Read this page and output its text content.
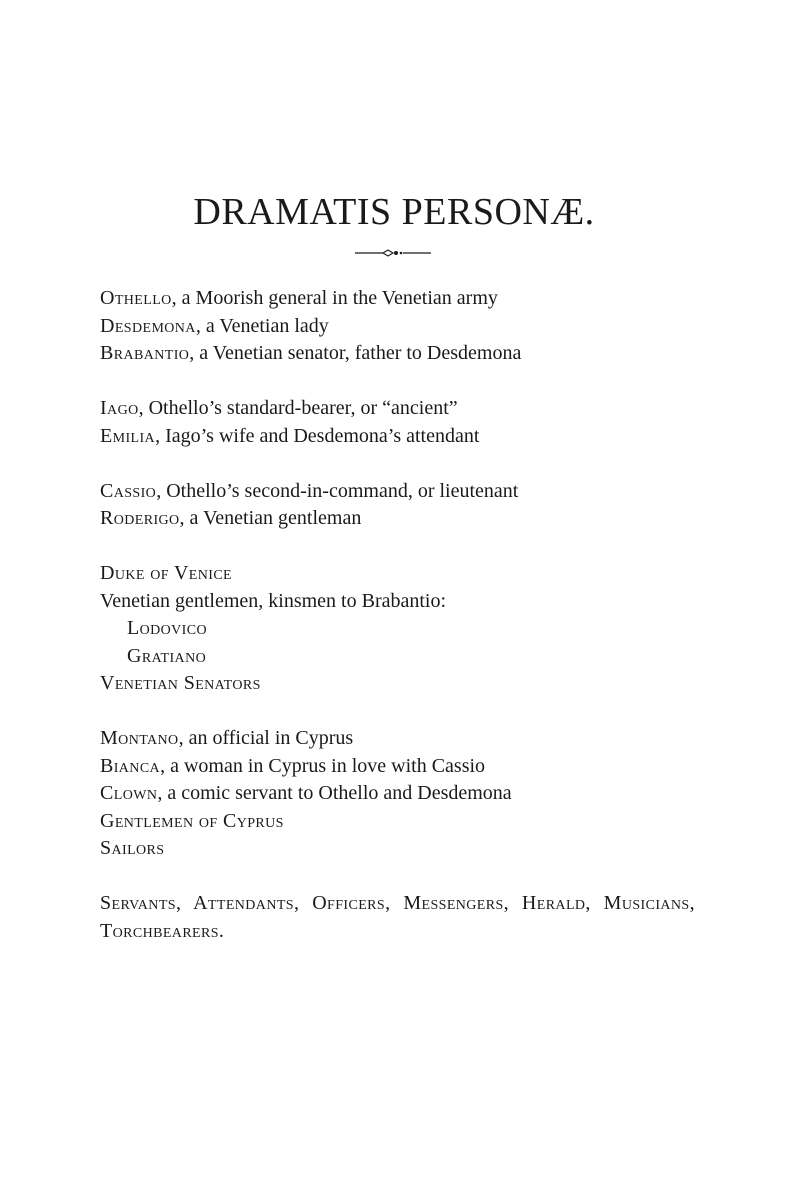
DRAMATIS PERSONÆ.
Othello, a Moorish general in the Venetian army
Desdemona, a Venetian lady
Brabantio, a Venetian senator, father to Desdemona
Iago, Othello’s standard-bearer, or “ancient”
Emilia, Iago’s wife and Desdemona’s attendant
Cassio, Othello’s second-in-command, or lieutenant
Roderigo, a Venetian gentleman
Duke of Venice
Venetian gentlemen, kinsmen to Brabantio:
Lodovico
Gratiano
Venetian Senators
Montano, an official in Cyprus
Bianca, a woman in Cyprus in love with Cassio
Clown, a comic servant to Othello and Desdemona
Gentlemen of Cyprus
Sailors
Servants, Attendants, Officers, Messengers, Herald, Musicians, Torchbearers.
